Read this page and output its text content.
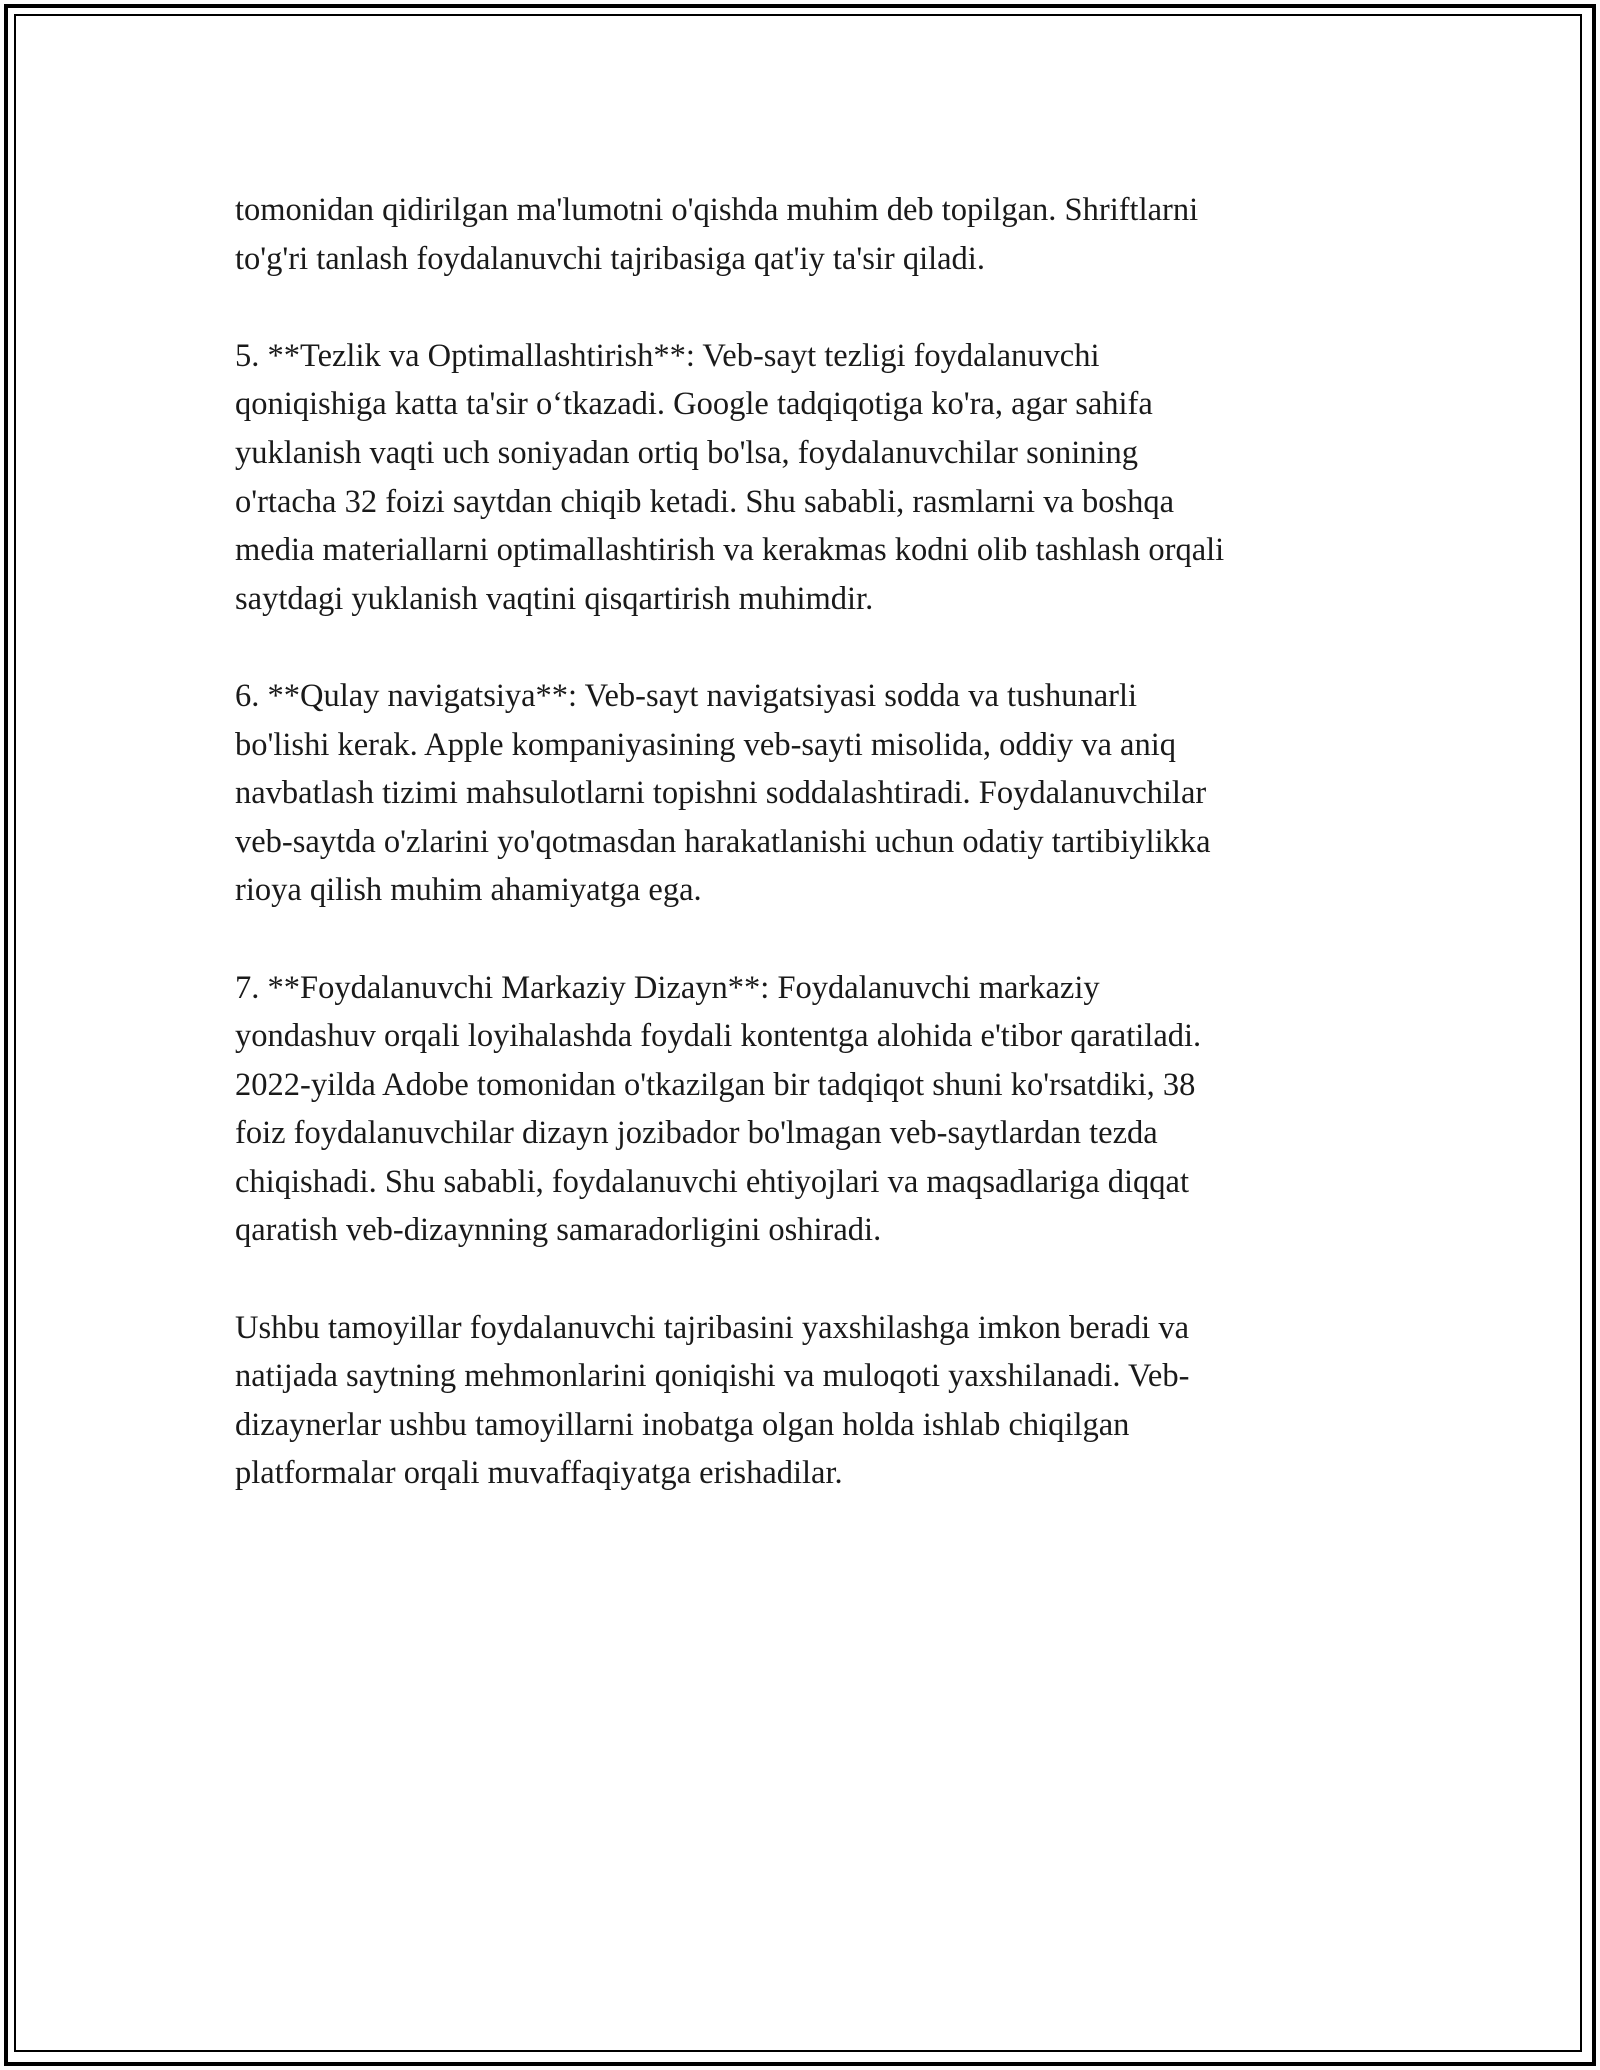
tomonidan qidirilgan ma'lumotni o'qishda muhim deb topilgan. Shriftlarni
to'g'ri tanlash foydalanuvchi tajribasiga qat'iy ta'sir qiladi.

5. **Tezlik va Optimallashtirish**: Veb-sayt tezligi foydalanuvchi
qoniqishiga katta ta'sir o‘tkazadi. Google tadqiqotiga ko'ra, agar sahifa
yuklanish vaqti uch soniyadan ortiq bo'lsa, foydalanuvchilar sonining
o'rtacha 32 foizi saytdan chiqib ketadi. Shu sababli, rasmlarni va boshqa
media materiallarni optimallashtirish va kerakmas kodni olib tashlash orqali
saytdagi yuklanish vaqtini qisqartirish muhimdir.

6. **Qulay navigatsiya**: Veb-sayt navigatsiyasi sodda va tushunarli
bo'lishi kerak. Apple kompaniyasining veb-sayti misolida, oddiy va aniq
navbatlash tizimi mahsulotlarni topishni soddalashtiradi. Foydalanuvchilar
veb-saytda o'zlarini yo'qotmasdan harakatlanishi uchun odatiy tartibiylikka
rioya qilish muhim ahamiyatga ega.

7. **Foydalanuvchi Markaziy Dizayn**: Foydalanuvchi markaziy
yondashuv orqali loyihalashda foydali kontentga alohida e'tibor qaratiladi.
2022-yilda Adobe tomonidan o'tkazilgan bir tadqiqot shuni ko'rsatdiki, 38
foiz foydalanuvchilar dizayn jozibador bo'lmagan veb-saytlardan tezda
chiqishadi. Shu sababli, foydalanuvchi ehtiyojlari va maqsadlariga diqqat
qaratish veb-dizaynning samaradorligini oshiradi.

Ushbu tamoyillar foydalanuvchi tajribasini yaxshilashga imkon beradi va
natijada saytning mehmonlarini qoniqishi va muloqoti yaxshilanadi. Veb-
dizaynerlar ushbu tamoyillarni inobatga olgan holda ishlab chiqilgan
platformalar orqali muvaffaqiyatga erishadilar.
